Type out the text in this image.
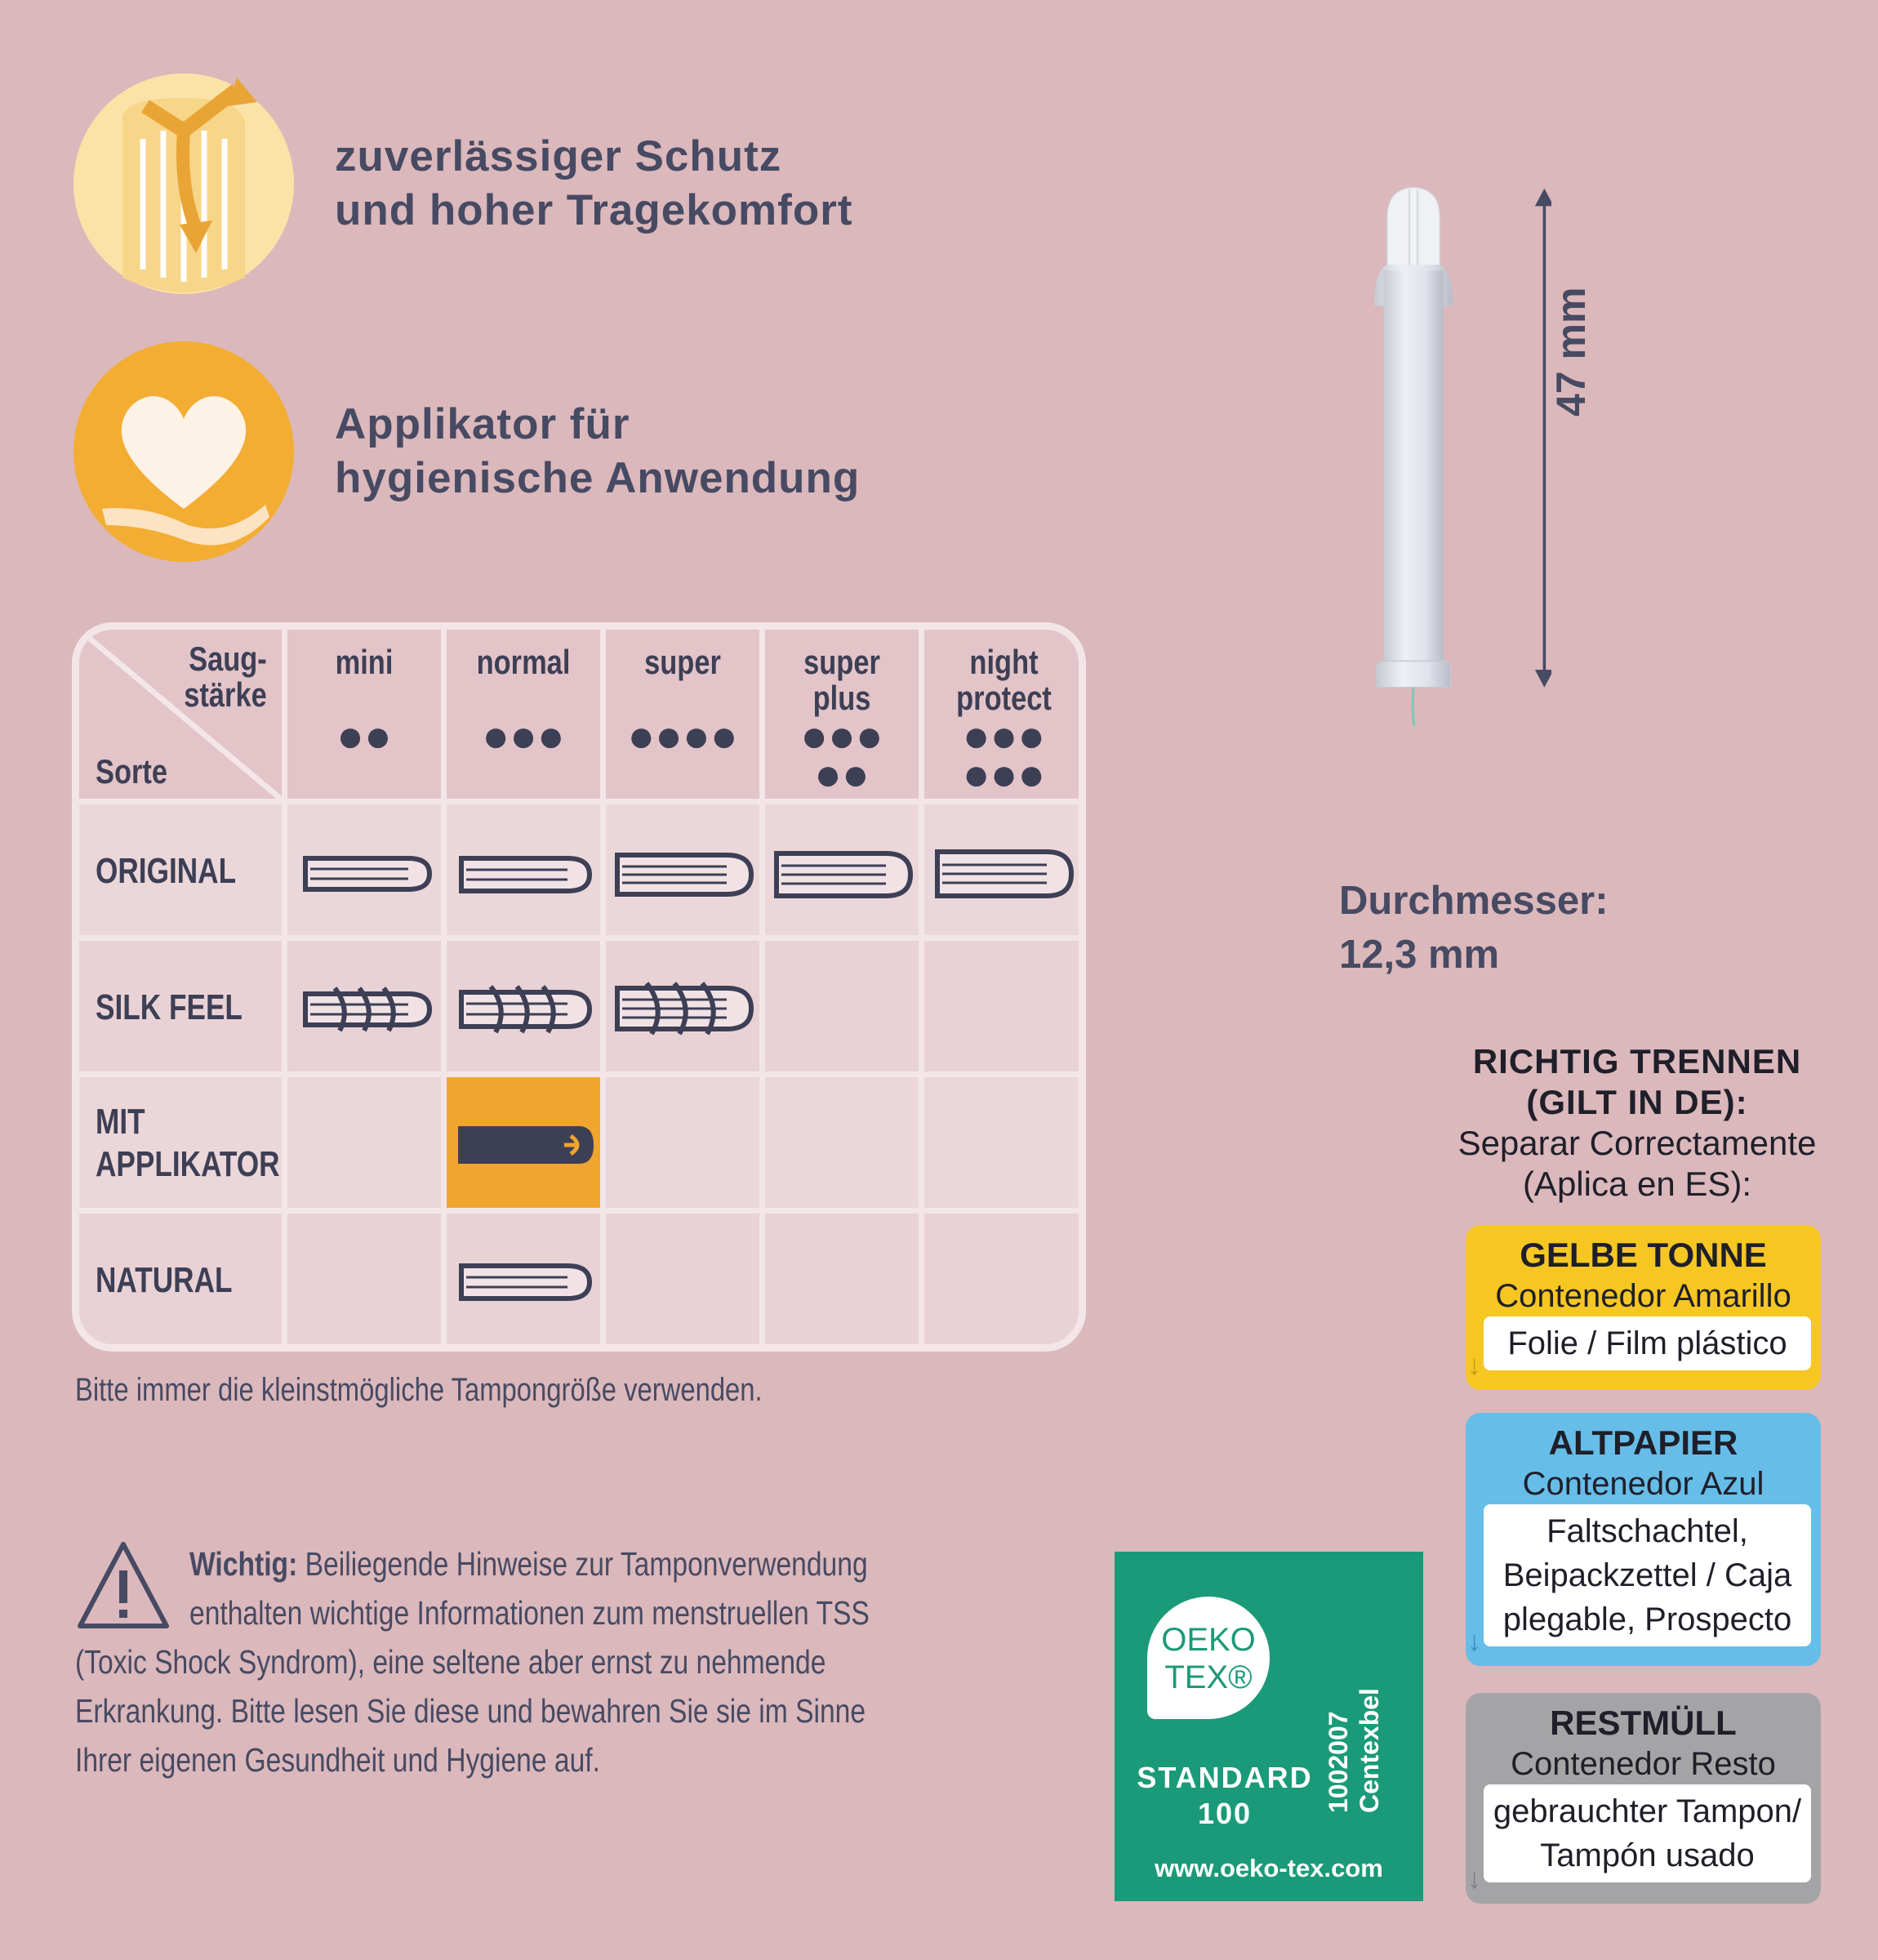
zuverlässiger Schutz
und hoher Tragekomfort
Applikator für
hygienische Anwendung
Saug-
stärke
Sorte
mini
●●
normal
●●●
super
●●●●
super
plus
●●●
●●
night
protect
●●●
●●●
ORIGINAL
SILK FEEL
MIT
APPLIKATOR
NATURAL
Bitte immer die kleinstmögliche Tampongröße verwenden.
Wichtig: Beiliegende Hinweise zur Tamponverwendung
enthalten wichtige Informationen zum menstruellen TSS
(Toxic Shock Syndrom), eine seltene aber ernst zu nehmende
Erkrankung. Bitte lesen Sie diese und bewahren Sie sie im Sinne
Ihrer eigenen Gesundheit und Hygiene auf.
47 mm
Durchmesser:
12,3 mm
RICHTIG TRENNEN
(GILT IN DE):
Separar Correctamente
(Aplica en ES):
GELBE TONNE
Contenedor Amarillo
Folie / Film plástico
↓
ALTPAPIER
Contenedor Azul
Faltschachtel,
Beipackzettel / Caja
plegable, Prospecto
↓
RESTMÜLL
Contenedor Resto
gebrauchter Tampon/
Tampón usado
↓
OEKO
TEX®
STANDARD
100
1002007 Centexbel
www.oeko-tex.com
